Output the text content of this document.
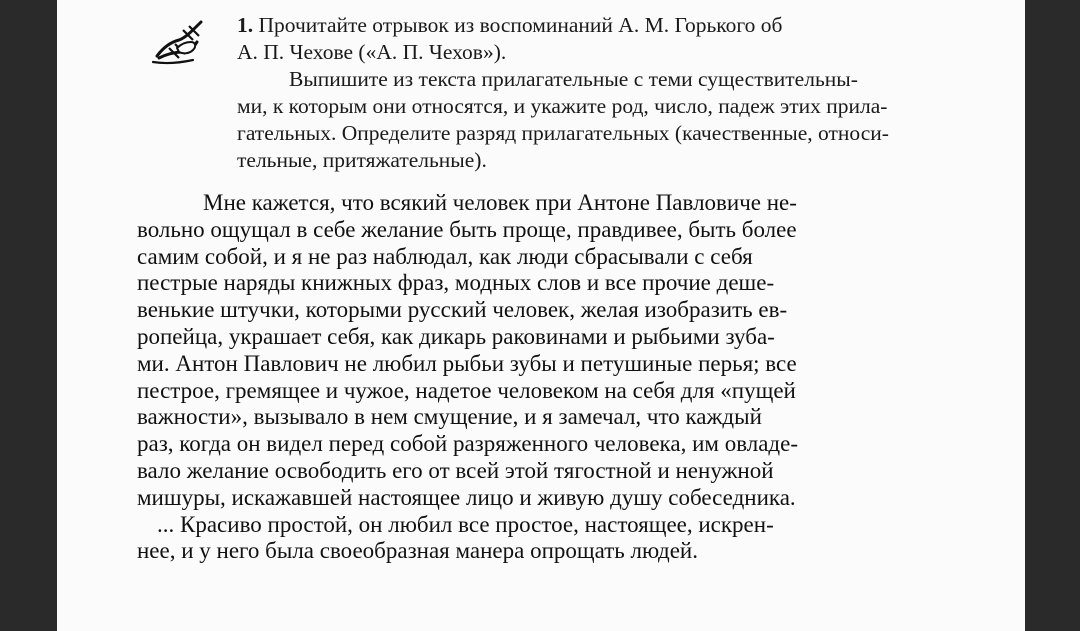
1. Прочитайте отрывок из воспоминаний А. М. Горького об
А. П. Чехове («А. П. Чехов»).
Выпишите из текста прилагательные с теми существительны-
ми, к которым они относятся, и укажите род, число, падеж этих прила-
гательных. Определите разряд прилагательных (качественные, относи-
тельные, притяжательные).
Мне кажется, что всякий человек при Антоне Павловиче не-
вольно ощущал в себе желание быть проще, правдивее, быть более
самим собой, и я не раз наблюдал, как люди сбрасывали с себя
пестрые наряды книжных фраз, модных слов и все прочие деше-
венькие штучки, которыми русский человек, желая изобразить ев-
ропейца, украшает себя, как дикарь раковинами и рыбьими зуба-
ми. Антон Павлович не любил рыбьи зубы и петушиные перья; все
пестрое, гремящее и чужое, надетое человеком на себя для «пущей
важности», вызывало в нем смущение, и я замечал, что каждый
раз, когда он видел перед собой разряженного человека, им овладе-
вало желание освободить его от всей этой тягостной и ненужной
мишуры, искажавшей настоящее лицо и живую душу собеседника.
... Красиво простой, он любил все простое, настоящее, искрен-
нее, и у него была своеобразная манера опрощать людей.
